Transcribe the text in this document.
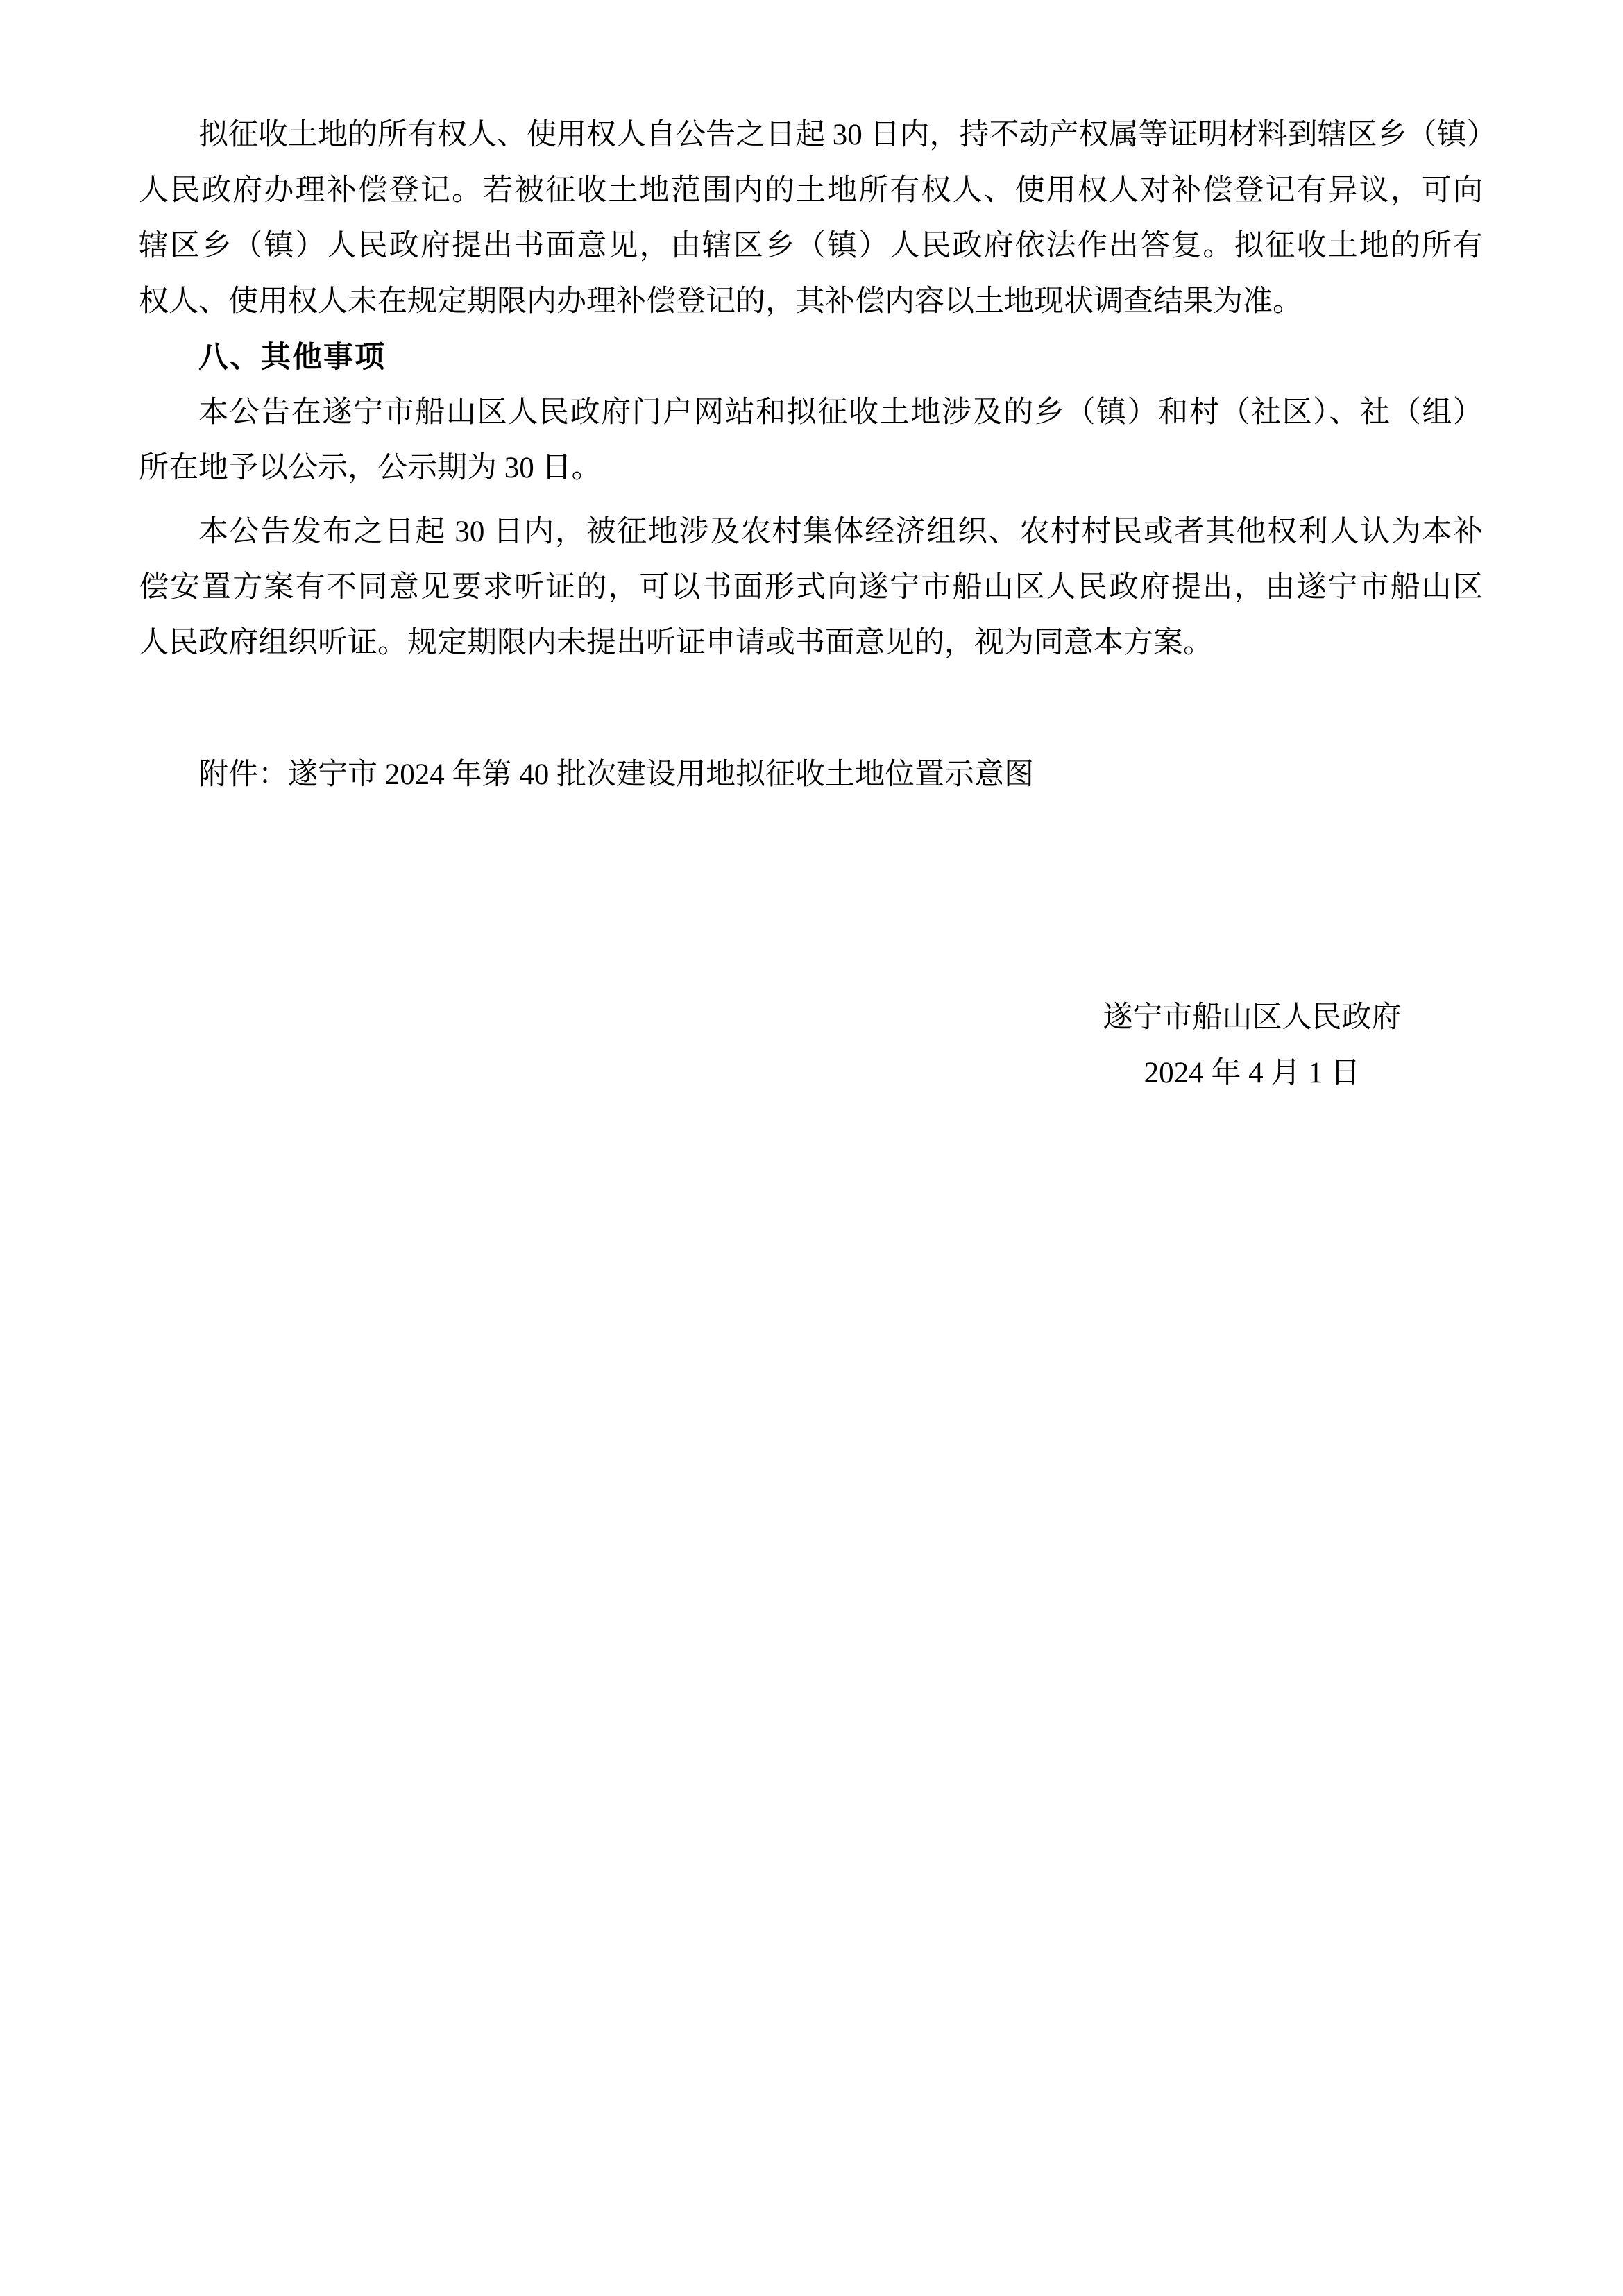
拟征收土地的所有权人、使用权人自公告之日起 30 日内，持不动产权属等证明材料到辖区乡（镇）
人民政府办理补偿登记。若被征收土地范围内的土地所有权人、使用权人对补偿登记有异议，可向
辖区乡（镇）人民政府提出书面意见，由辖区乡（镇）人民政府依法作出答复。拟征收土地的所有
权人、使用权人未在规定期限内办理补偿登记的，其补偿内容以土地现状调查结果为准。
八、其他事项
本公告在遂宁市船山区人民政府门户网站和拟征收土地涉及的乡（镇）和村（社区）、社（组）
所在地予以公示，公示期为 30 日。
本公告发布之日起 30 日内，被征地涉及农村集体经济组织、农村村民或者其他权利人认为本补
偿安置方案有不同意见要求听证的，可以书面形式向遂宁市船山区人民政府提出，由遂宁市船山区
人民政府组织听证。规定期限内未提出听证申请或书面意见的，视为同意本方案。
附件：遂宁市 2024 年第 40 批次建设用地拟征收土地位置示意图
遂宁市船山区人民政府
2024 年 4 月 1 日
